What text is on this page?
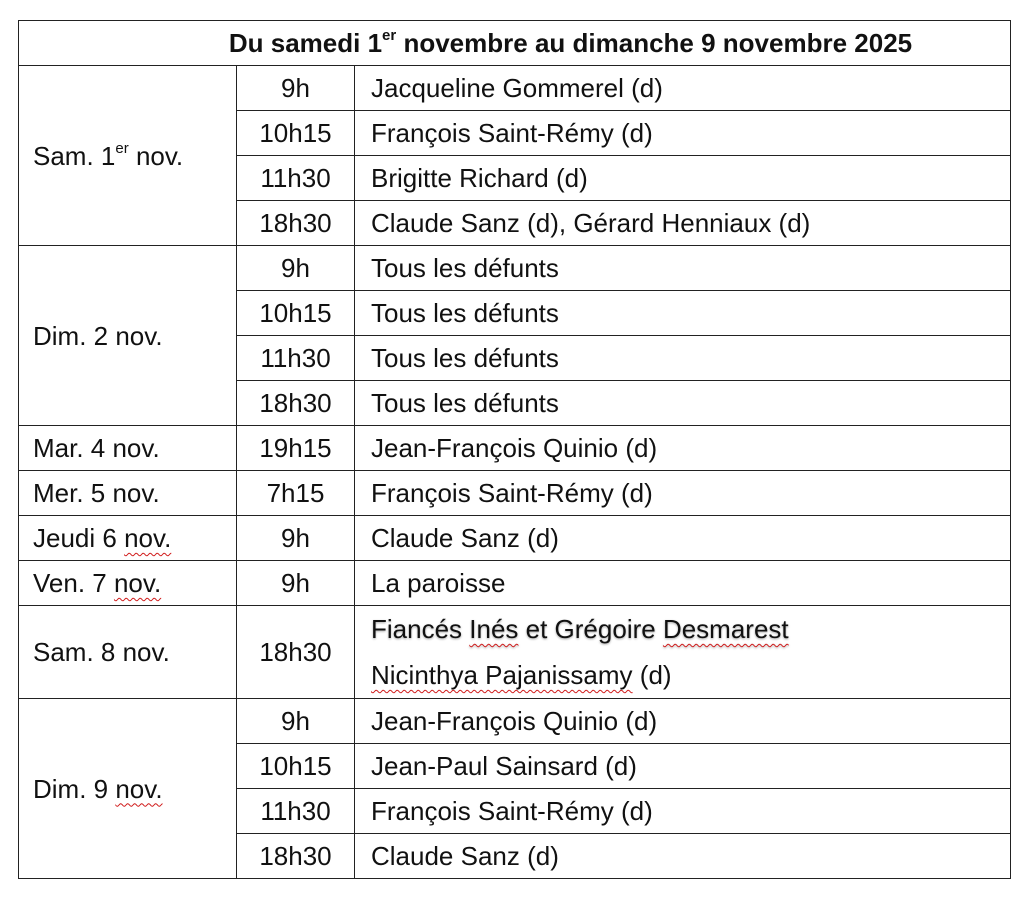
Du samedi 1er novembre au dimanche 9 novembre 2025		
Sam. 1er nov.	9h	Jacqueline Gommerel (d)
	10h15	François Saint-Rémy (d)
	11h30	Brigitte Richard (d)
	18h30	Claude Sanz (d), Gérard Henniaux (d)
Dim. 2 nov.	9h	Tous les défunts
	10h15	Tous les défunts
	11h30	Tous les défunts
	18h30	Tous les défunts
Mar. 4 nov.	19h15	Jean-François Quinio (d)
Mer. 5 nov.	7h15	François Saint-Rémy (d)
Jeudi 6 nov.	9h	Claude Sanz (d)
Ven. 7 nov.	9h	La paroisse
Sam. 8 nov.	18h30	Fiancés Inés et Grégoire Desmarest
Nicinthya Pajanissamy (d)

Dim. 9 nov.	9h	Jean-François Quinio (d)
	10h15	Jean-Paul Sainsard (d)
	11h30	François Saint-Rémy (d)
	18h30	Claude Sanz (d)
